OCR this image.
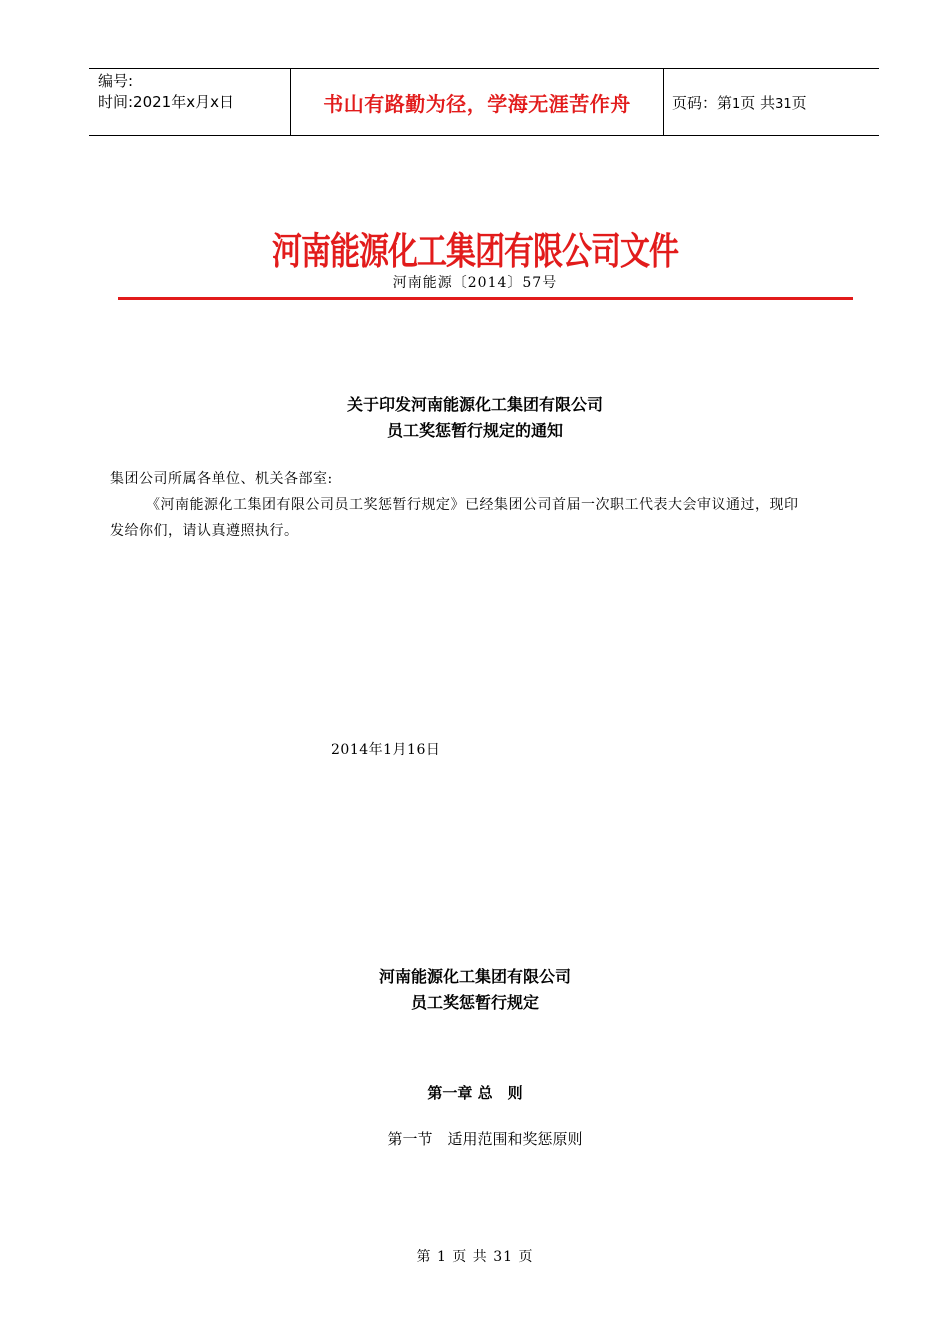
编号:
时间:2021年x月x日	书山有路勤为径，学海无涯苦作舟	页码：第1页 共31页
河南能源化工集团有限公司文件
河南能源〔2014〕57号
关于印发河南能源化工集团有限公司
员工奖惩暂行规定的通知
集团公司所属各单位、机关各部室:
《河南能源化工集团有限公司员工奖惩暂行规定》已经集团公司首届一次职工代表大会审议通过，现印
发给你们，请认真遵照执行。
2014年1月16日
河南能源化工集团有限公司
员工奖惩暂行规定
第一章 总　则
第一节　适用范围和奖惩原则
第 1 页 共 31 页
